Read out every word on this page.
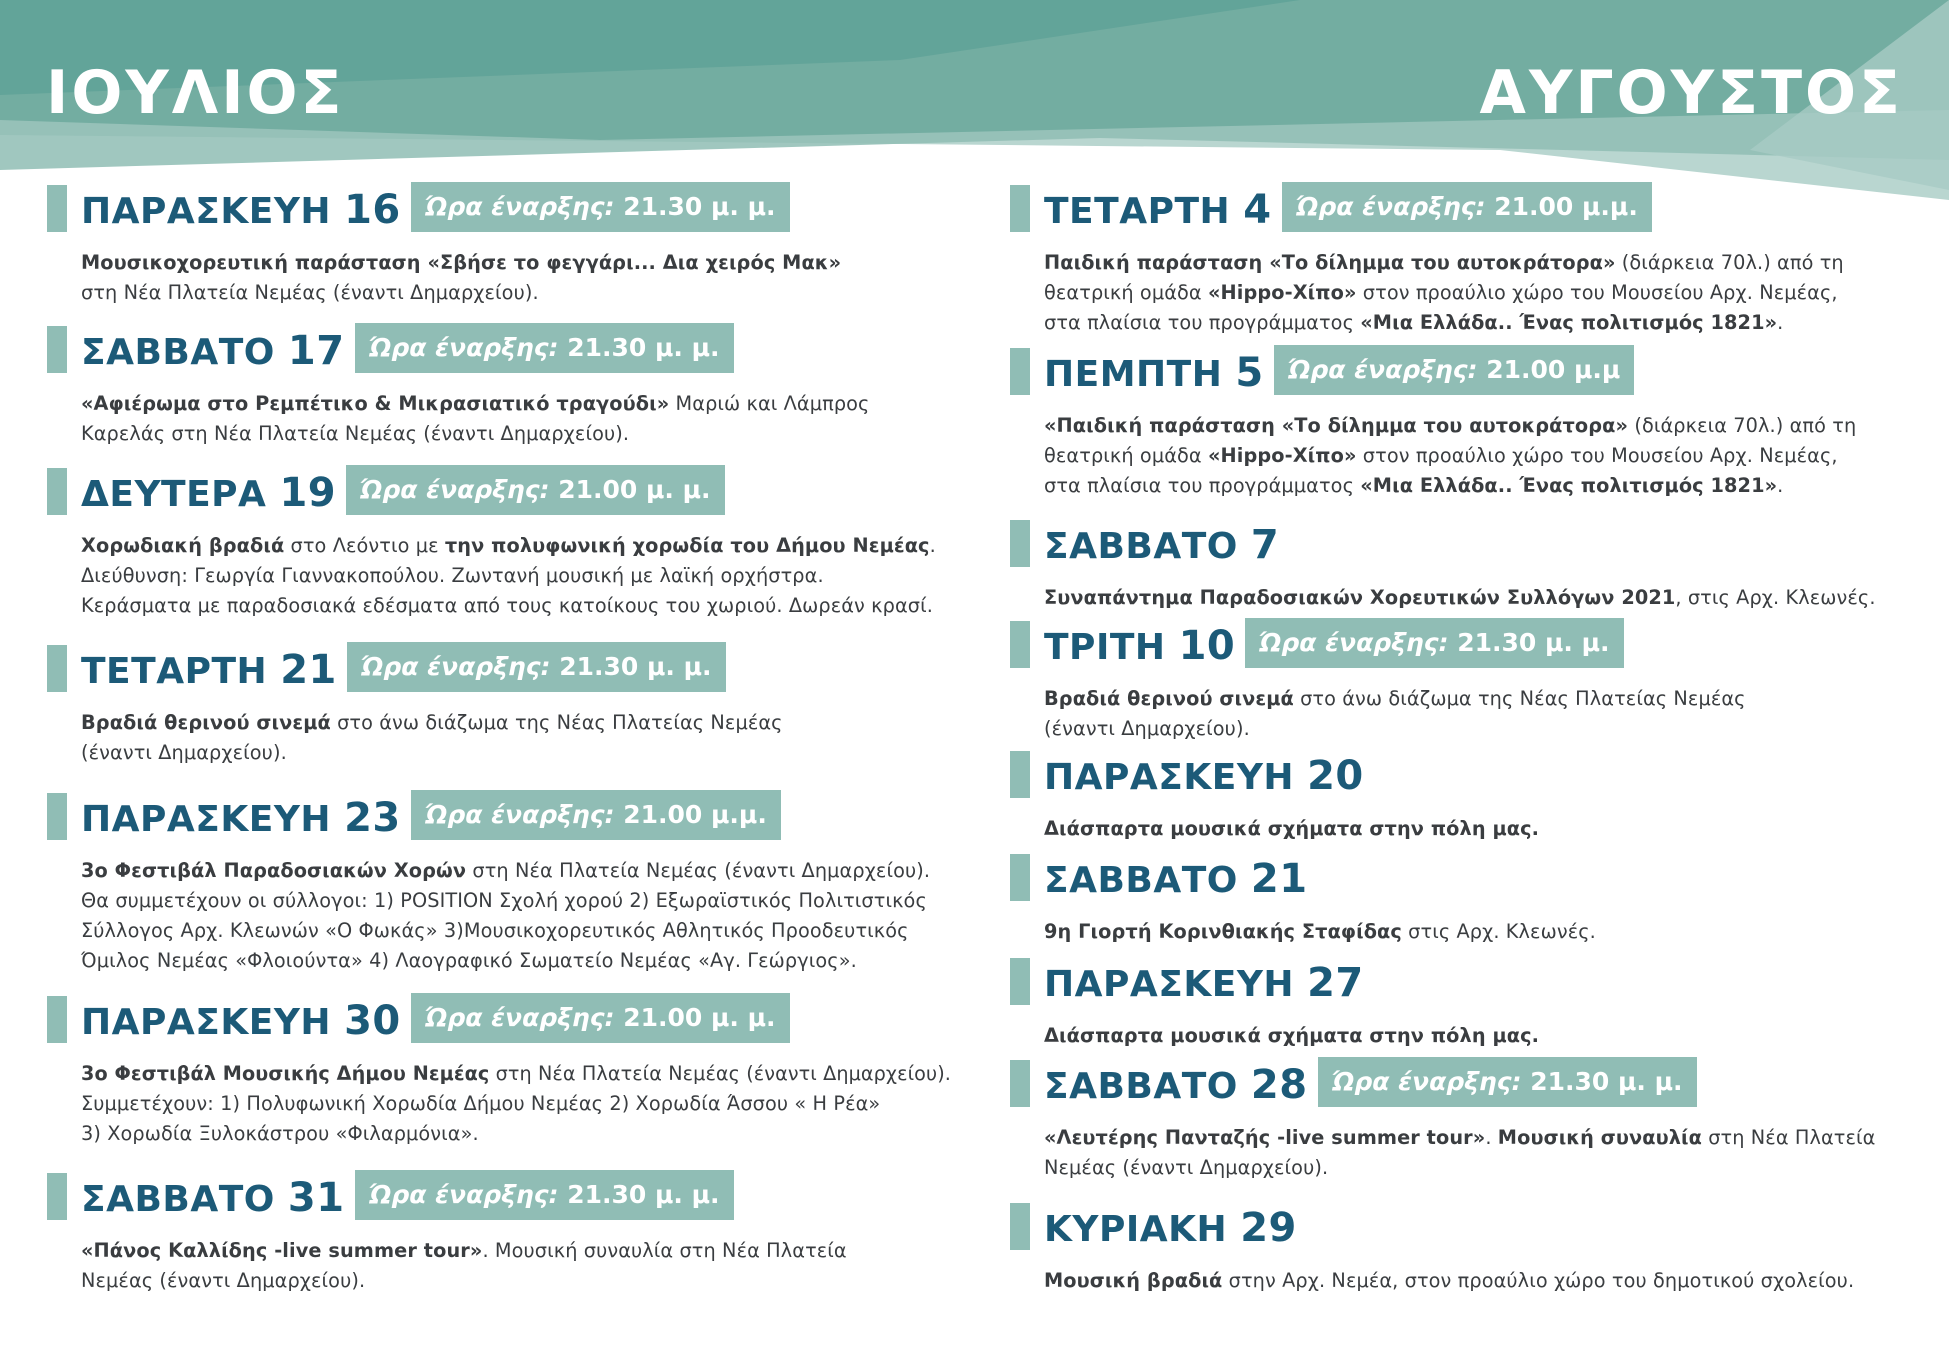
ΙΟΥΛΙΟΣ	ΑΥΓΟΥΣΤΟΣ
ΠΑΡΑΣΚΕΥΗ 16 Ώρα έναρξης: 21.30 μ. μ.
Μουσικοχορευτική παράσταση «Σβήσε το φεγγάρι... Δια χειρός Μακ»
στη Νέα Πλατεία Νεμέας (έναντι Δημαρχείου).
ΣΑΒΒΑΤΟ 17 Ώρα έναρξης: 21.30 μ. μ.
«Αφιέρωμα στο Ρεμπέτικο & Μικρασιατικό τραγούδι» Μαριώ και Λάμπρος
Καρελάς στη Νέα Πλατεία Νεμέας (έναντι Δημαρχείου).
ΔΕΥΤΕΡΑ 19 Ώρα έναρξης: 21.00 μ. μ.
Χορωδιακή βραδιά στο Λεόντιο με την πολυφωνική χορωδία του Δήμου Νεμέας.
Διεύθυνση: Γεωργία Γιαννακοπούλου. Ζωντανή μουσική με λαϊκή ορχήστρα.
Κεράσματα με παραδοσιακά εδέσματα από τους κατοίκους του χωριού. Δωρεάν κρασί.
ΤΕΤΑΡΤΗ 21 Ώρα έναρξης: 21.30 μ. μ.
Βραδιά θερινού σινεμά στο άνω διάζωμα της Νέας Πλατείας Νεμέας
(έναντι Δημαρχείου).
ΠΑΡΑΣΚΕΥΗ 23 Ώρα έναρξης: 21.00 μ.μ.
3ο Φεστιβάλ Παραδοσιακών Χορών στη Νέα Πλατεία Νεμέας (έναντι Δημαρχείου).
Θα συμμετέχουν οι σύλλογοι: 1) POSITION Σχολή χορού 2) Εξωραϊστικός Πολιτιστικός
Σύλλογος Αρχ. Κλεωνών «Ο Φωκάς» 3)Μουσικοχορευτικός Αθλητικός Προοδευτικός
Όμιλος Νεμέας «Φλοιούντα» 4) Λαογραφικό Σωματείο Νεμέας «Αγ. Γεώργιος».
ΠΑΡΑΣΚΕΥΗ 30 Ώρα έναρξης: 21.00 μ. μ.
3ο Φεστιβάλ Μουσικής Δήμου Νεμέας στη Νέα Πλατεία Νεμέας (έναντι Δημαρχείου).
Συμμετέχουν: 1) Πολυφωνική Χορωδία Δήμου Νεμέας 2) Χορωδία Άσσου « Η Ρέα»
3) Χορωδία Ξυλοκάστρου «Φιλαρμόνια».
ΣΑΒΒΑΤΟ 31 Ώρα έναρξης: 21.30 μ. μ.
«Πάνος Καλλίδης -live summer tour». Μουσική συναυλία στη Νέα Πλατεία
Νεμέας (έναντι Δημαρχείου).
ΤΕΤΑΡΤΗ 4 Ώρα έναρξης: 21.00 μ.μ.
Παιδική παράσταση «Το δίλημμα του αυτοκράτορα» (διάρκεια 70λ.) από τη
θεατρική ομάδα «Hippo-Χίπο» στον προαύλιο χώρο του Μουσείου Αρχ. Νεμέας,
στα πλαίσια του προγράμματος «Μια Ελλάδα.. Ένας πολιτισμός 1821».
ΠΕΜΠΤΗ 5 Ώρα έναρξης: 21.00 μ.μ
«Παιδική παράσταση «Το δίλημμα του αυτοκράτορα» (διάρκεια 70λ.) από τη
θεατρική ομάδα «Hippo-Χίπο» στον προαύλιο χώρο του Μουσείου Αρχ. Νεμέας,
στα πλαίσια του προγράμματος «Μια Ελλάδα.. Ένας πολιτισμός 1821».
ΣΑΒΒΑΤΟ 7
Συναπάντημα Παραδοσιακών Χορευτικών Συλλόγων 2021, στις Αρχ. Κλεωνές.
ΤΡΙΤΗ 10 Ώρα έναρξης: 21.30 μ. μ.
Βραδιά θερινού σινεμά στο άνω διάζωμα της Νέας Πλατείας Νεμέας
(έναντι Δημαρχείου).
ΠΑΡΑΣΚΕΥΗ 20
Διάσπαρτα μουσικά σχήματα στην πόλη μας.
ΣΑΒΒΑΤΟ 21
9η Γιορτή Κορινθιακής Σταφίδας στις Αρχ. Κλεωνές.
ΠΑΡΑΣΚΕΥΗ 27
Διάσπαρτα μουσικά σχήματα στην πόλη μας.
ΣΑΒΒΑΤΟ 28 Ώρα έναρξης: 21.30 μ. μ.
«Λευτέρης Πανταζής -live summer tour». Μουσική συναυλία στη Νέα Πλατεία
Νεμέας (έναντι Δημαρχείου).
ΚΥΡΙΑΚΗ 29
Μουσική βραδιά στην Αρχ. Νεμέα, στον προαύλιο χώρο του δημοτικού σχολείου.
